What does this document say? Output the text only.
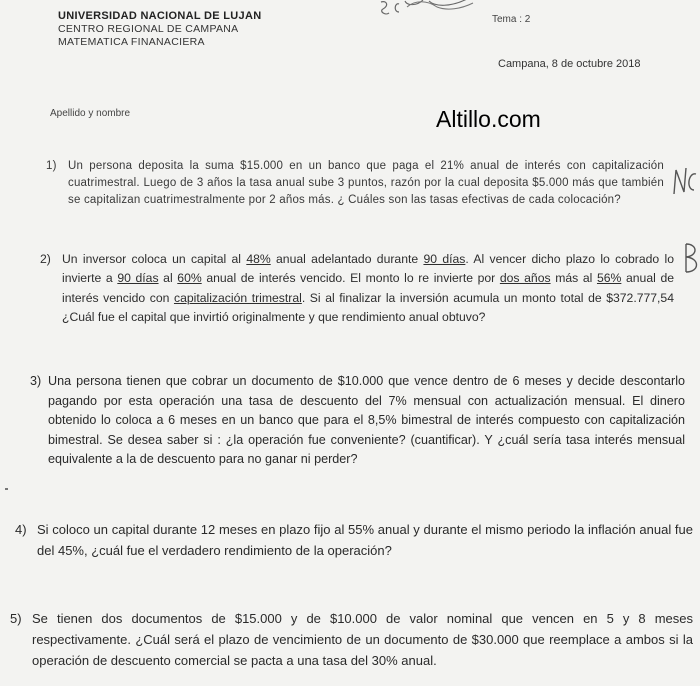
UNIVERSIDAD NACIONAL DE LUJAN
CENTRO REGIONAL DE CAMPANA
MATEMATICA FINANACIERA
Tema : 2
Campana, 8 de octubre 2018
Apellido y nombre	Altillo.com
1) Un persona deposita la suma $15.000 en un banco que paga el 21% anual de interés con capitalización cuatrimestral. Luego de 3 años la tasa anual sube 3 puntos, razón por la cual deposita $5.000 más que también se capitalizan cuatrimestralmente por 2 años más. ¿ Cuáles son las tasas efectivas de cada colocación?
2) Un inversor coloca un capital al 48% anual adelantado durante 90 días. Al vencer dicho plazo lo cobrado lo invierte a 90 días al 60% anual de interés vencido. El monto lo re invierte por dos años más al 56% anual de interés vencido con capitalización trimestral. Si al finalizar la inversión acumula un monto total de $372.777,54 ¿Cuál fue el capital que invirtió originalmente y que rendimiento anual obtuvo?
3) Una persona tienen que cobrar un documento de $10.000 que vence dentro de 6 meses y decide descontarlo pagando por esta operación una tasa de descuento del 7% mensual con actualización mensual. El dinero obtenido lo coloca a 6 meses en un banco que para el 8,5% bimestral de interés compuesto con capitalización bimestral. Se desea saber si : ¿la operación fue conveniente? (cuantificar). Y ¿cuál sería tasa interés mensual equivalente a la de descuento para no ganar ni perder?
4) Si coloco un capital durante 12 meses en plazo fijo al 55% anual y durante el mismo periodo la inflación anual fue del 45%, ¿cuál fue el verdadero rendimiento de la operación?
5) Se tienen dos documentos de $15.000 y de $10.000 de valor nominal que vencen en 5 y 8 meses respectivamente. ¿Cuál será el plazo de vencimiento de un documento de $30.000 que reemplace a ambos si la operación de descuento comercial se pacta a una tasa del 30% anual.
